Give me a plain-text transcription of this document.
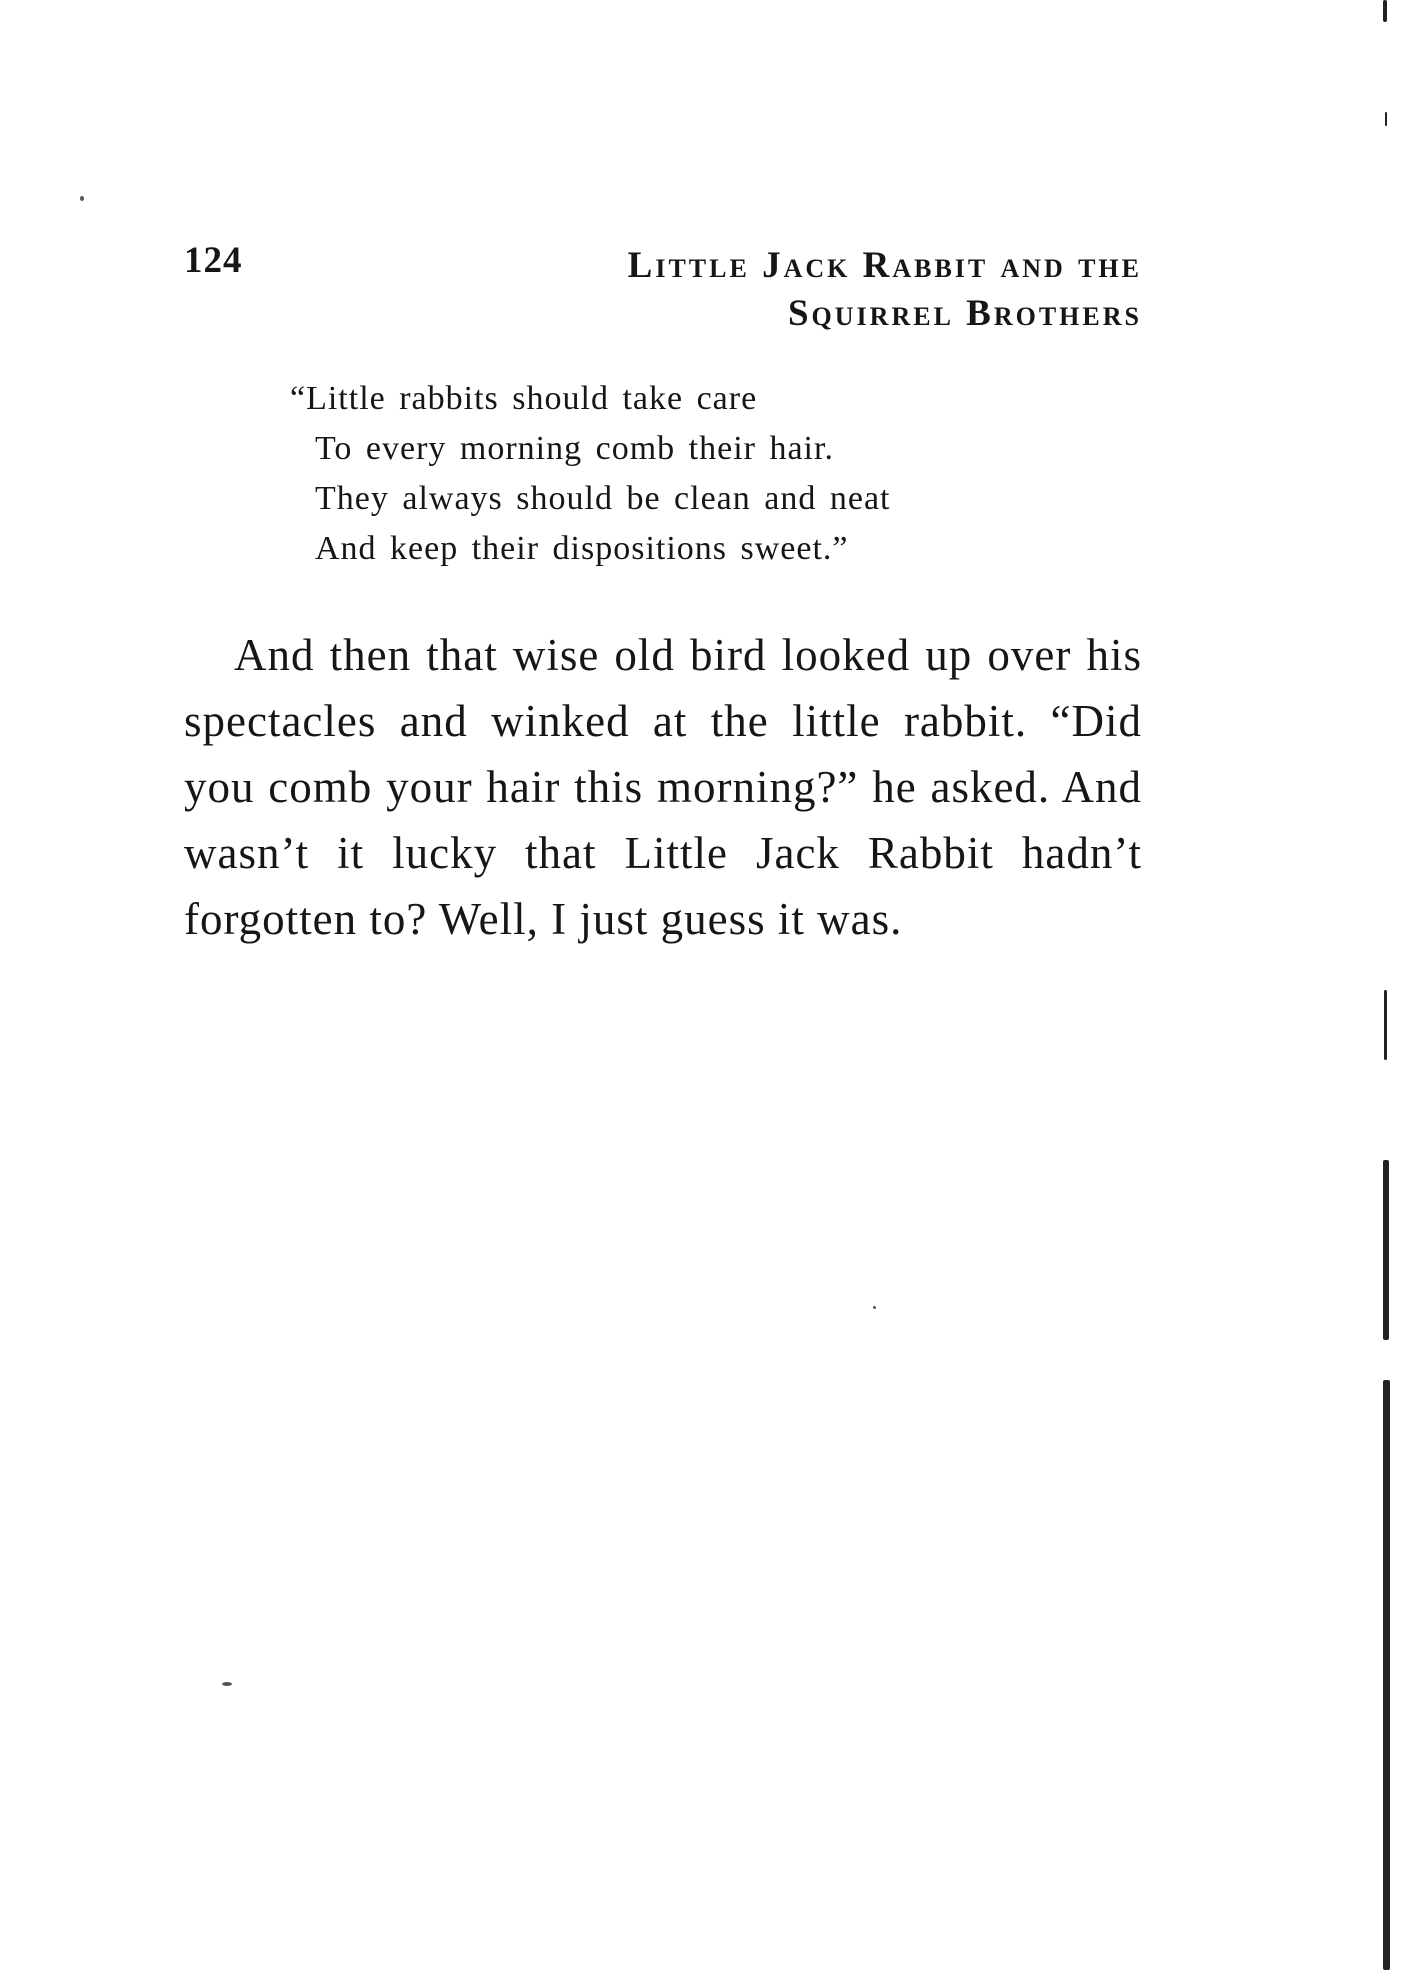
124	Little Jack Rabbit and the
Squirrel Brothers
“Little rabbits should take care
To every morning comb their hair.
They always should be clean and neat
And keep their dispositions sweet.”

And then that wise old bird looked up over his spectacles and winked at the little rabbit. “Did you comb your hair this morning?” he asked. And wasn’t it lucky that Little Jack Rabbit hadn’t forgotten to? Well, I just guess it was.
